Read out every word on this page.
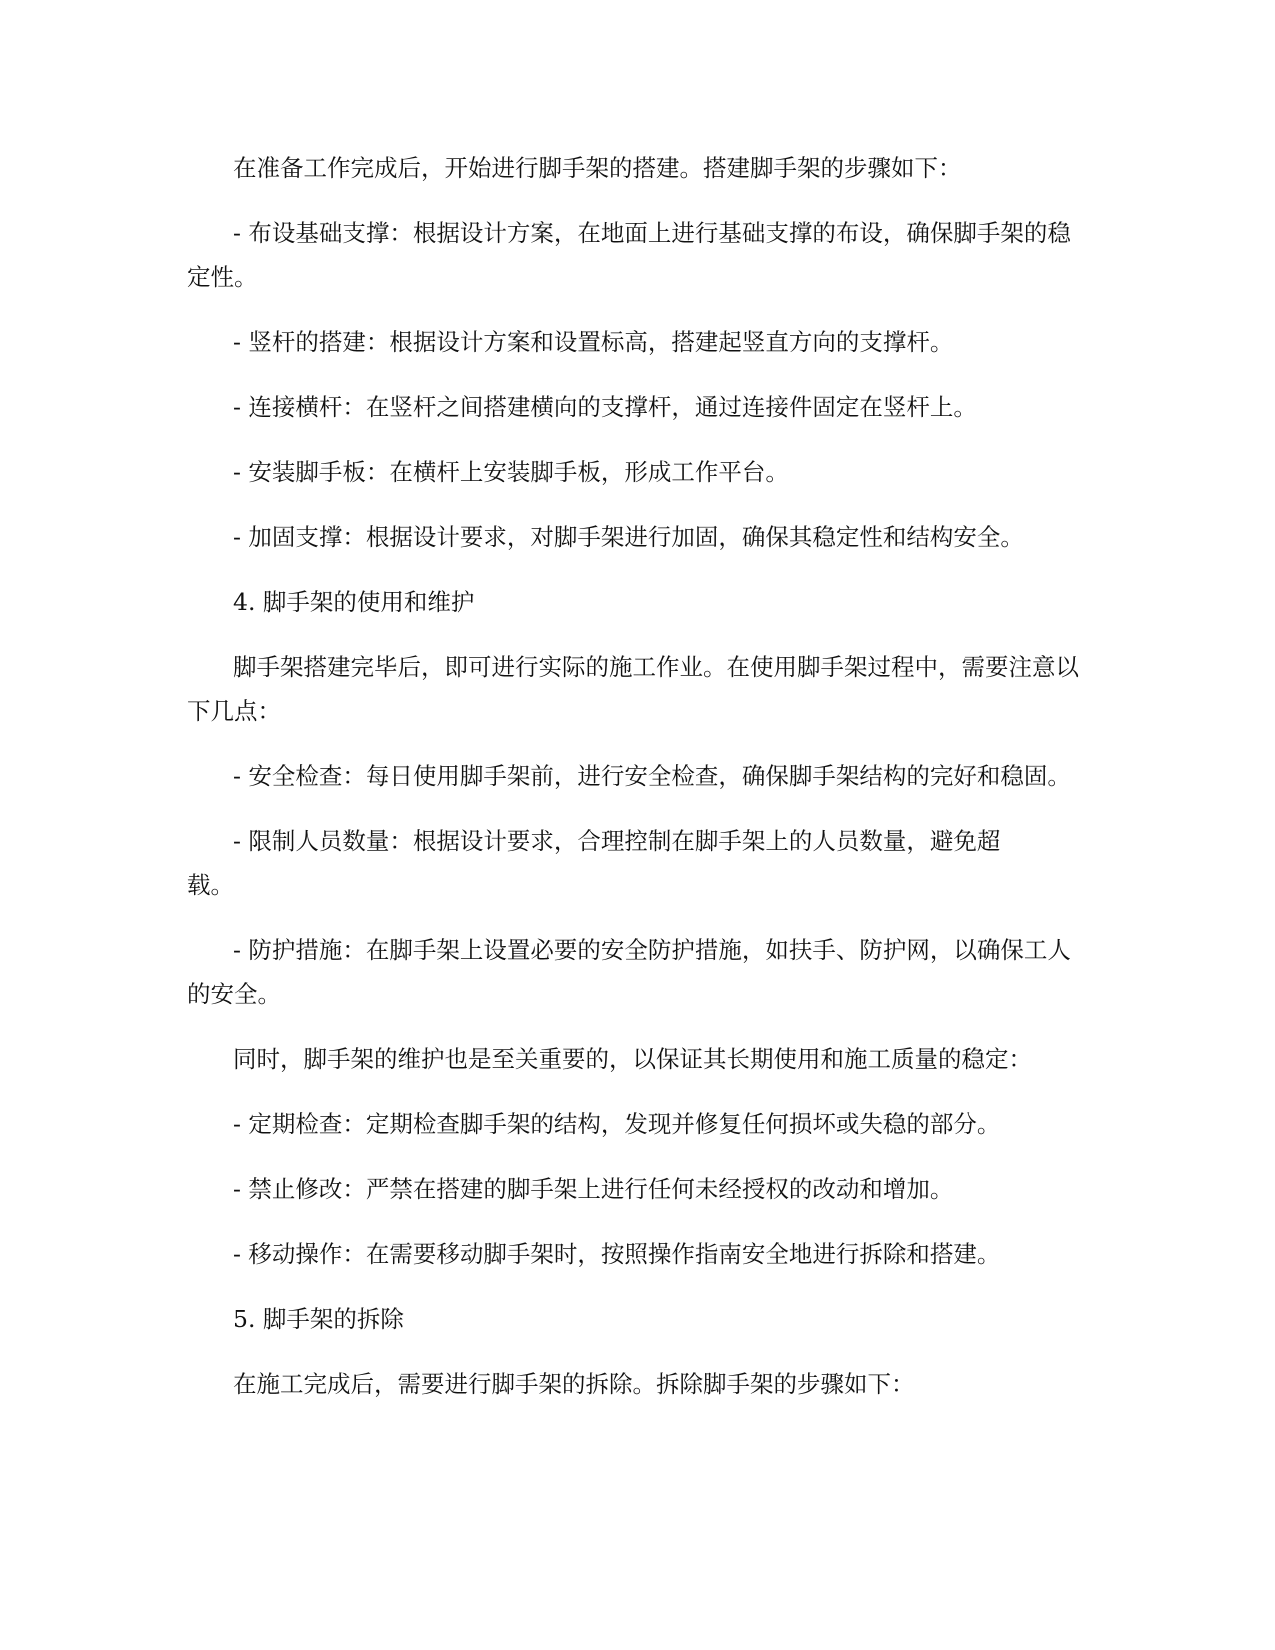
在准备工作完成后，开始进行脚手架的搭建。搭建脚手架的步骤如下：

- 布设基础支撑：根据设计方案，在地面上进行基础支撑的布设，确保脚手架的稳定性。

- 竖杆的搭建：根据设计方案和设置标高，搭建起竖直方向的支撑杆。

- 连接横杆：在竖杆之间搭建横向的支撑杆，通过连接件固定在竖杆上。

- 安装脚手板：在横杆上安装脚手板，形成工作平台。

- 加固支撑：根据设计要求，对脚手架进行加固，确保其稳定性和结构安全。

4. 脚手架的使用和维护

脚手架搭建完毕后，即可进行实际的施工作业。在使用脚手架过程中，需要注意以下几点：

- 安全检查：每日使用脚手架前，进行安全检查，确保脚手架结构的完好和稳固。

- 限制人员数量：根据设计要求，合理控制在脚手架上的人员数量，避免超载。

- 防护措施：在脚手架上设置必要的安全防护措施，如扶手、防护网，以确保工人的安全。

同时，脚手架的维护也是至关重要的，以保证其长期使用和施工质量的稳定：

- 定期检查：定期检查脚手架的结构，发现并修复任何损坏或失稳的部分。

- 禁止修改：严禁在搭建的脚手架上进行任何未经授权的改动和增加。

- 移动操作：在需要移动脚手架时，按照操作指南安全地进行拆除和搭建。

5. 脚手架的拆除

在施工完成后，需要进行脚手架的拆除。拆除脚手架的步骤如下：
